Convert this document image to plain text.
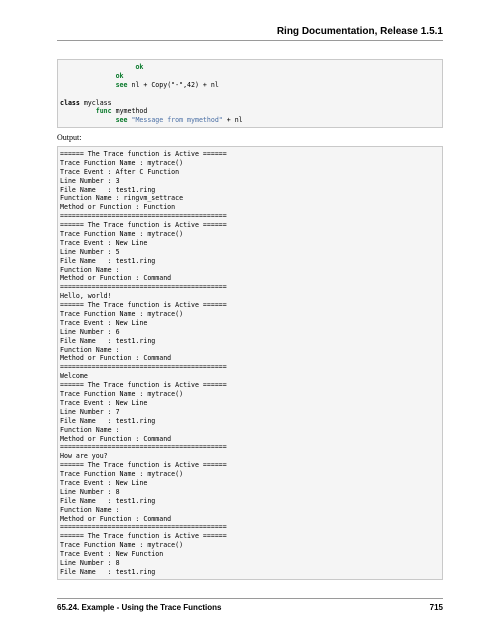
Ring Documentation, Release 1.5.1
ok
ok
see nl + Copy("-",42) + nl
class myclass
func mymethod
see "Message from mymethod" + nl
Output:
====== The Trace function is Active ======
Trace Function Name : mytrace()
Trace Event : After C Function
Line Number : 3
File Name   : test1.ring
Function Name : ringvm_settrace
Method or Function : Function
==========================================
====== The Trace function is Active ======
Trace Function Name : mytrace()
Trace Event : New Line
Line Number : 5
File Name   : test1.ring
Function Name :
Method or Function : Command
==========================================
Hello, world!
====== The Trace function is Active ======
Trace Function Name : mytrace()
Trace Event : New Line
Line Number : 6
File Name   : test1.ring
Function Name :
Method or Function : Command
==========================================
Welcome
====== The Trace function is Active ======
Trace Function Name : mytrace()
Trace Event : New Line
Line Number : 7
File Name   : test1.ring
Function Name :
Method or Function : Command
==========================================
How are you?
====== The Trace function is Active ======
Trace Function Name : mytrace()
Trace Event : New Line
Line Number : 8
File Name   : test1.ring
Function Name :
Method or Function : Command
==========================================
====== The Trace function is Active ======
Trace Function Name : mytrace()
Trace Event : New Function
Line Number : 8
File Name   : test1.ring
65.24. Example - Using the Trace Functions	715
